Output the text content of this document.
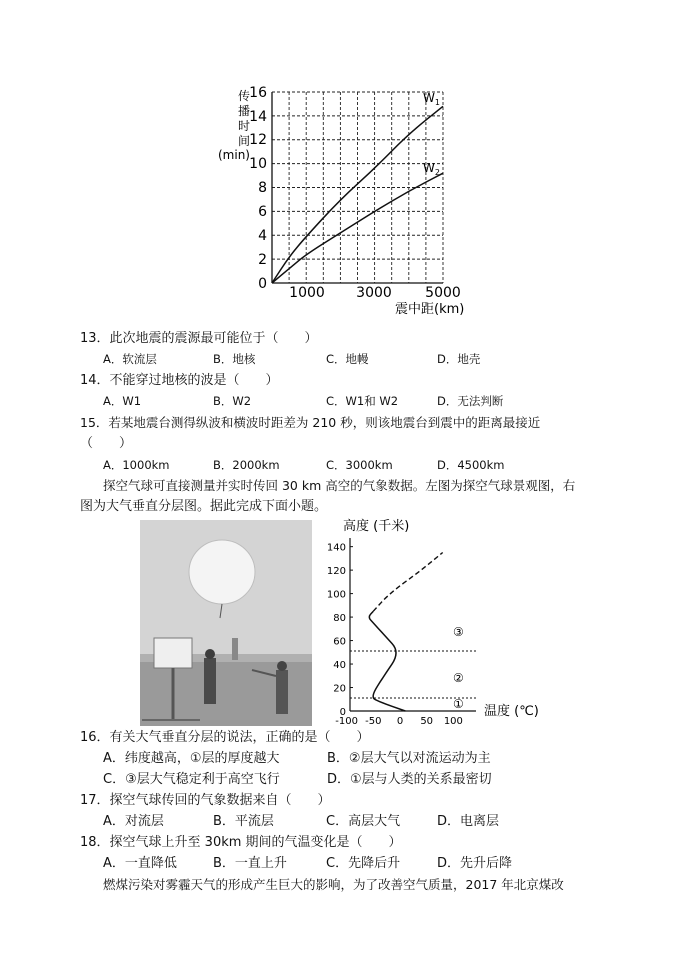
传
播
时
间
(min)
16
14
12
10
8
6
4
2
0
1000 3000 5000
震中距(km)
$W_1$
$W_2$
13．此次地震的震源最可能位于（　　）
A．软流层	B．地核	C．地幔	D．地壳
14．不能穿过地核的波是（　　）
A．W1	B．W2	C．W1和 W2	D．无法判断
15．若某地震台测得纵波和横波时距差为 210 秒，则该地震台到震中的距离最接近
（　　）
A．1000km	B．2000km	C．3000km	D．4500km
探空气球可直接测量并实时传回 30 km 高空的气象数据。左图为探空气球景观图，右
图为大气垂直分层图。据此完成下面小题。
高度 (千米)
140
120
100
80
60
40
20
0
-100 -50 0 50 100
①
②
③
温度 (℃)
16．有关大气垂直分层的说法，正确的是（　　）
A．纬度越高，①层的厚度越大	B．②层大气以对流运动为主
C．③层大气稳定利于高空飞行	D．①层与人类的关系最密切
17．探空气球传回的气象数据来自（　　）
A．对流层	B．平流层	C．高层大气	D．电离层
18．探空气球上升至 30km 期间的气温变化是（　　）
A．一直降低	B．一直上升	C．先降后升	D．先升后降
燃煤污染对雾霾天气的形成产生巨大的影响，为了改善空气质量，2017 年北京煤改
